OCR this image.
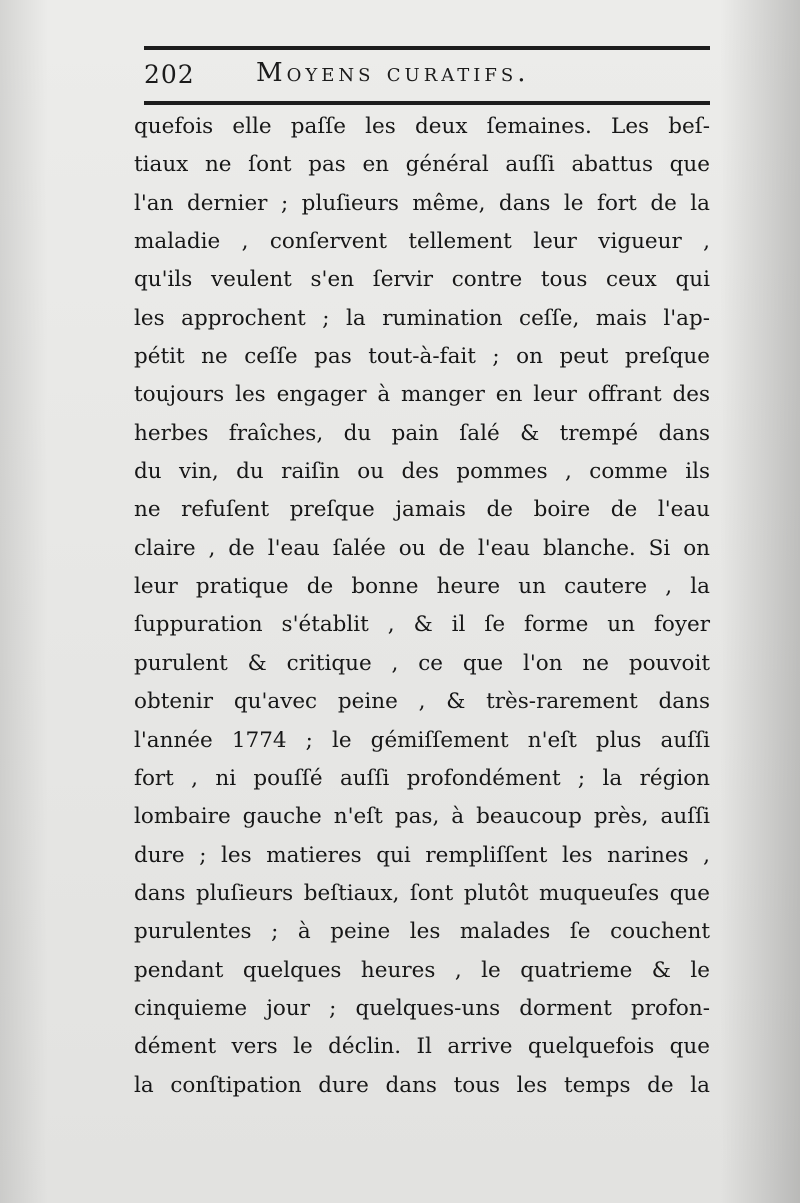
202 Moyens curatifs.
quefois elle paſſe les deux ſemaines. Les beſ-
tiaux ne ſont pas en général auſſi abattus que
l'an dernier ; pluſieurs même, dans le fort de la
maladie , conſervent tellement leur vigueur ,
qu'ils veulent s'en ſervir contre tous ceux qui
les approchent ; la rumination ceſſe, mais l'ap-
pétit ne ceſſe pas tout-à-fait ; on peut preſque
toujours les engager à manger en leur offrant des
herbes fraîches, du pain ſalé & trempé dans
du vin, du raiſin ou des pommes , comme ils
ne refuſent preſque jamais de boire de l'eau
claire , de l'eau ſalée ou de l'eau blanche. Si on
leur pratique de bonne heure un cautere , la
ſuppuration s'établit , & il ſe forme un foyer
purulent & critique , ce que l'on ne pouvoit
obtenir qu'avec peine , & très-rarement dans
l'année 1774 ; le gémiſſement n'eſt plus auſſi
fort , ni pouſſé auſſi profondément ; la région
lombaire gauche n'eſt pas, à beaucoup près, auſſi
dure ; les matieres qui rempliſſent les narines ,
dans pluſieurs beſtiaux, ſont plutôt muqueuſes que
purulentes ; à peine les malades ſe couchent
pendant quelques heures , le quatrieme & le
cinquieme jour ; quelques-uns dorment profon-
dément vers le déclin. Il arrive quelquefois que
la conſtipation dure dans tous les temps de la
